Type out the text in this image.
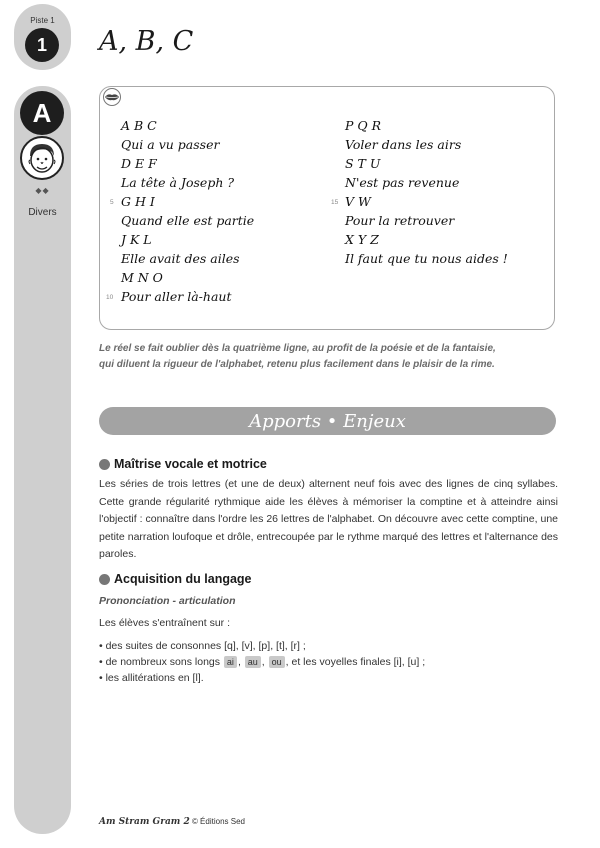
Piste 1
1
A
◆◆
Divers
A, B, C
A B C
Qui a vu passer
D E F
La tête à Joseph ?
G H I
Quand elle est partie
J K L
Elle avait des ailes
M N O
Pour aller là-haut
5
10
P Q R
Voler dans les airs
S T U
N'est pas revenue
V W
Pour la retrouver
X Y Z
Il faut que tu nous aides !
15
Le réel se fait oublier dès la quatrième ligne, au profit de la poésie et de la fantaisie,
qui diluent la rigueur de l'alphabet, retenu plus facilement dans le plaisir de la rime.
Apports • Enjeux
Maîtrise vocale et motrice
Les séries de trois lettres (et une de deux) alternent neuf fois avec des lignes de cinq syllabes. Cette grande régularité rythmique aide les élèves à mémoriser la comptine et à atteindre ainsi l'objectif : connaître dans l'ordre les 26 lettres de l'alphabet. On découvre avec cette comptine, une petite narration loufoque et drôle, entrecoupée par le rythme marqué des lettres et l'alternance des paroles.
Acquisition du langage
Prononciation - articulation
Les élèves s'entraînent sur :
• des suites de consonnes [q], [v], [p], [t], [r] ;
• de nombreux sons longs ai , au , ou , et les voyelles finales [i], [u] ;
• les allitérations en [l].
Am Stram Gram 2 © Éditions Sed
